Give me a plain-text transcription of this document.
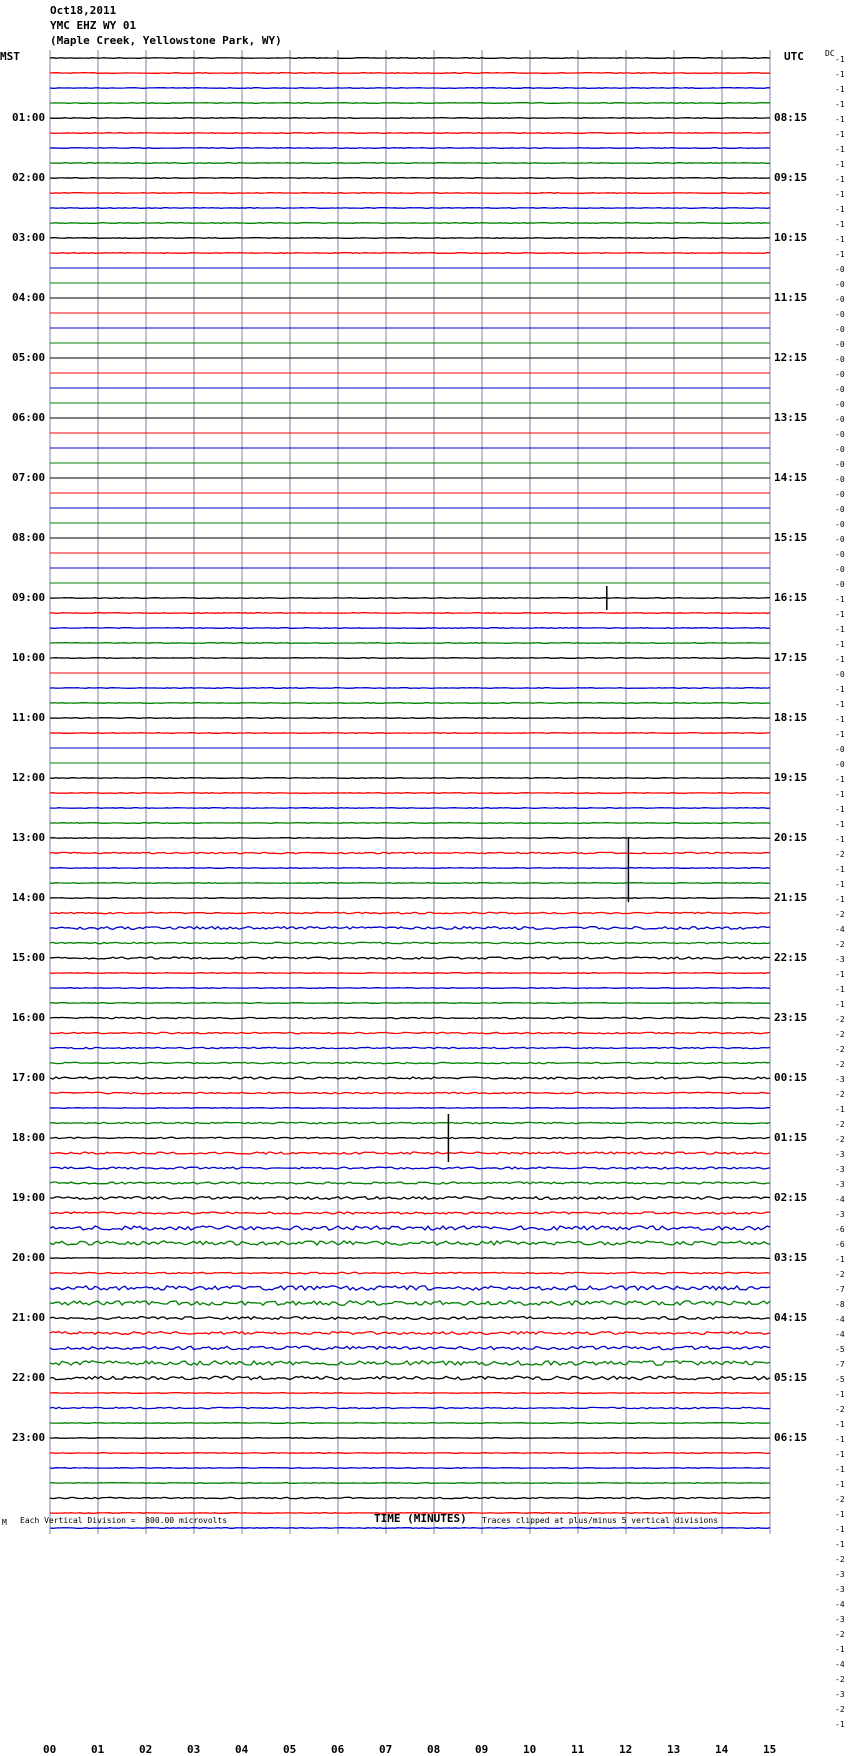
Oct18,2011
YMC EHZ WY 01
(Maple Creek, Yellowstone Park, WY)
MST	UTC	DC
01:00
02:00
03:00
04:00
05:00
06:00
07:00
08:00
09:00
10:00
11:00
12:00
13:00
14:00
15:00
16:00
17:00
18:00
19:00
20:00
21:00
22:00
23:00
08:15
09:15
10:15
11:15
12:15
13:15
14:15
15:15
16:15
17:15
18:15
19:15
20:15
21:15
22:15
23:15
00:15
01:15
02:15
03:15
04:15
05:15
06:15
-1
-1
-1
-1
-1
-1
-1
-1
-1
-1
-1
-1
-1
-1
-0
-0
-0
-0
-0
-0
-0
-0
-0
-0
-0
-0
-0
-0
-0
-0
-0
-0
-0
-0
-0
-0
-1
-1
-1
-1
-1
-0
-1
-1
-1
-1
-0
-0
-1
-1
-1
-1
-1
-2
-1
-1
-1
-2
-4
-2
-3
-1
-1
-1
-2
-2
-2
-2
-3
-2
-1
-2
-2
-3
-3
-3
-4
-3
-6
-6
-1
-2
-7
-8
-4
-4
-5
-7
-5
-1
-2
-1
-1
-1
-1
-1
-2
-1
-1
-1
-2
-3
-3
-4
-3
-2
-1
-4
-2
-3
-2
-1
00	01	02	03	04	05	06	07	08	09	10	11	12	13	14	15
M Each Vertical Division =  800.00 microvolts	TIME (MINUTES) Traces clipped at plus/minus 5 vertical divisions
